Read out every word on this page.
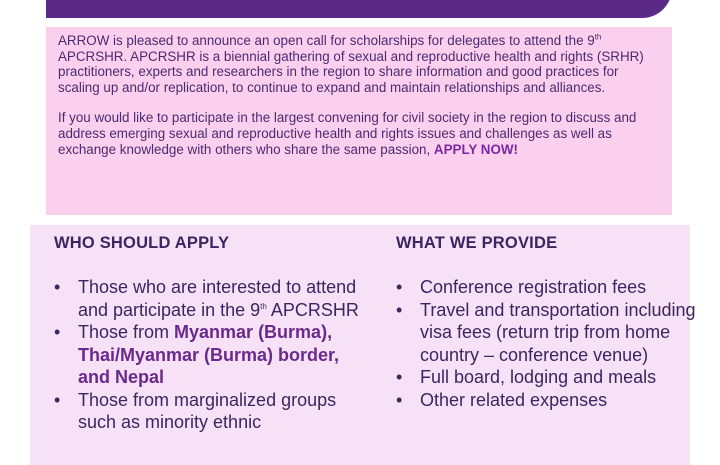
ARROW is pleased to announce an open call for scholarships for delegates to attend the 9th APCRSHR. APCRSHR is a biennial gathering of sexual and reproductive health and rights (SRHR) practitioners, experts and researchers in the region to share information and good practices for scaling up and/or replication, to continue to expand and maintain relationships and alliances.

If you would like to participate in the largest convening for civil society in the region to discuss and address emerging sexual and reproductive health and rights issues and challenges as well as exchange knowledge with others who share the same passion, APPLY NOW!

WHO SHOULD APPLY
• Those who are interested to attend and participate in the 9th APCRSHR
• Those from Myanmar (Burma), Thai/Myanmar (Burma) border, and Nepal
• Those from marginalized groups such as minority ethnic
WHAT WE PROVIDE
• Conference registration fees
• Travel and transportation including visa fees (return trip from home country – conference venue)
• Full board, lodging and meals
• Other related expenses
